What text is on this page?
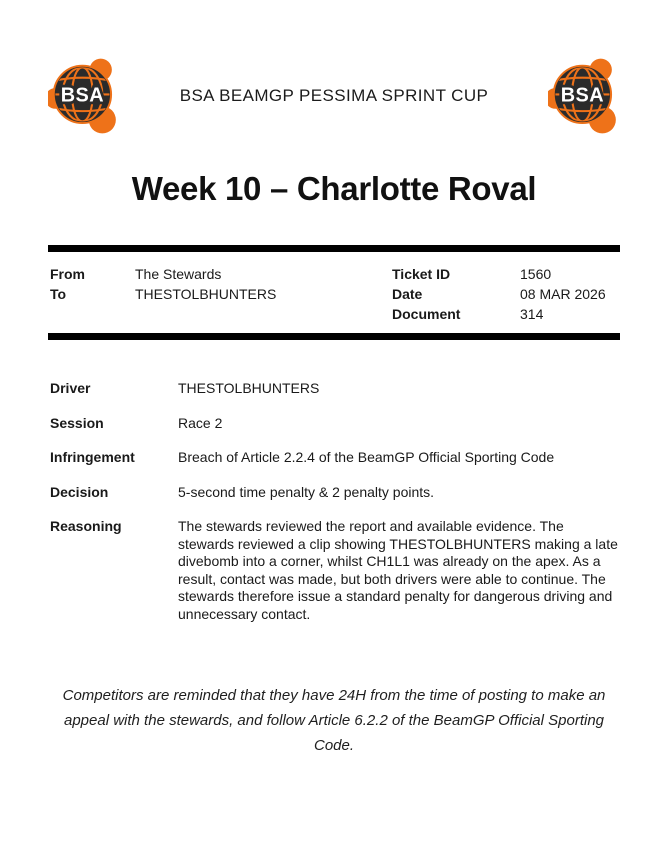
BSA	BSA BEAMGP PESSIMA SPRINT CUP	BSA
Week 10 – Charlotte Roval
From	The Stewards
To	THESTOLBHUNTERS
Ticket ID	1560
Date	08 MAR 2026
Document	314
Driver	THESTOLBHUNTERS
Session	Race 2
Infringement	Breach of Article 2.2.4 of the BeamGP Official Sporting Code
Decision	5-second time penalty & 2 penalty points.
Reasoning	The stewards reviewed the report and available evidence. The stewards reviewed a clip showing THESTOLBHUNTERS making a late divebomb into a corner, whilst CH1L1 was already on the apex. As a result, contact was made, but both drivers were able to continue. The stewards therefore issue a standard penalty for dangerous driving and unnecessary contact.
Competitors are reminded that they have 24H from the time of posting to make an appeal with the stewards, and follow Article 6.2.2 of the BeamGP Official Sporting Code.
